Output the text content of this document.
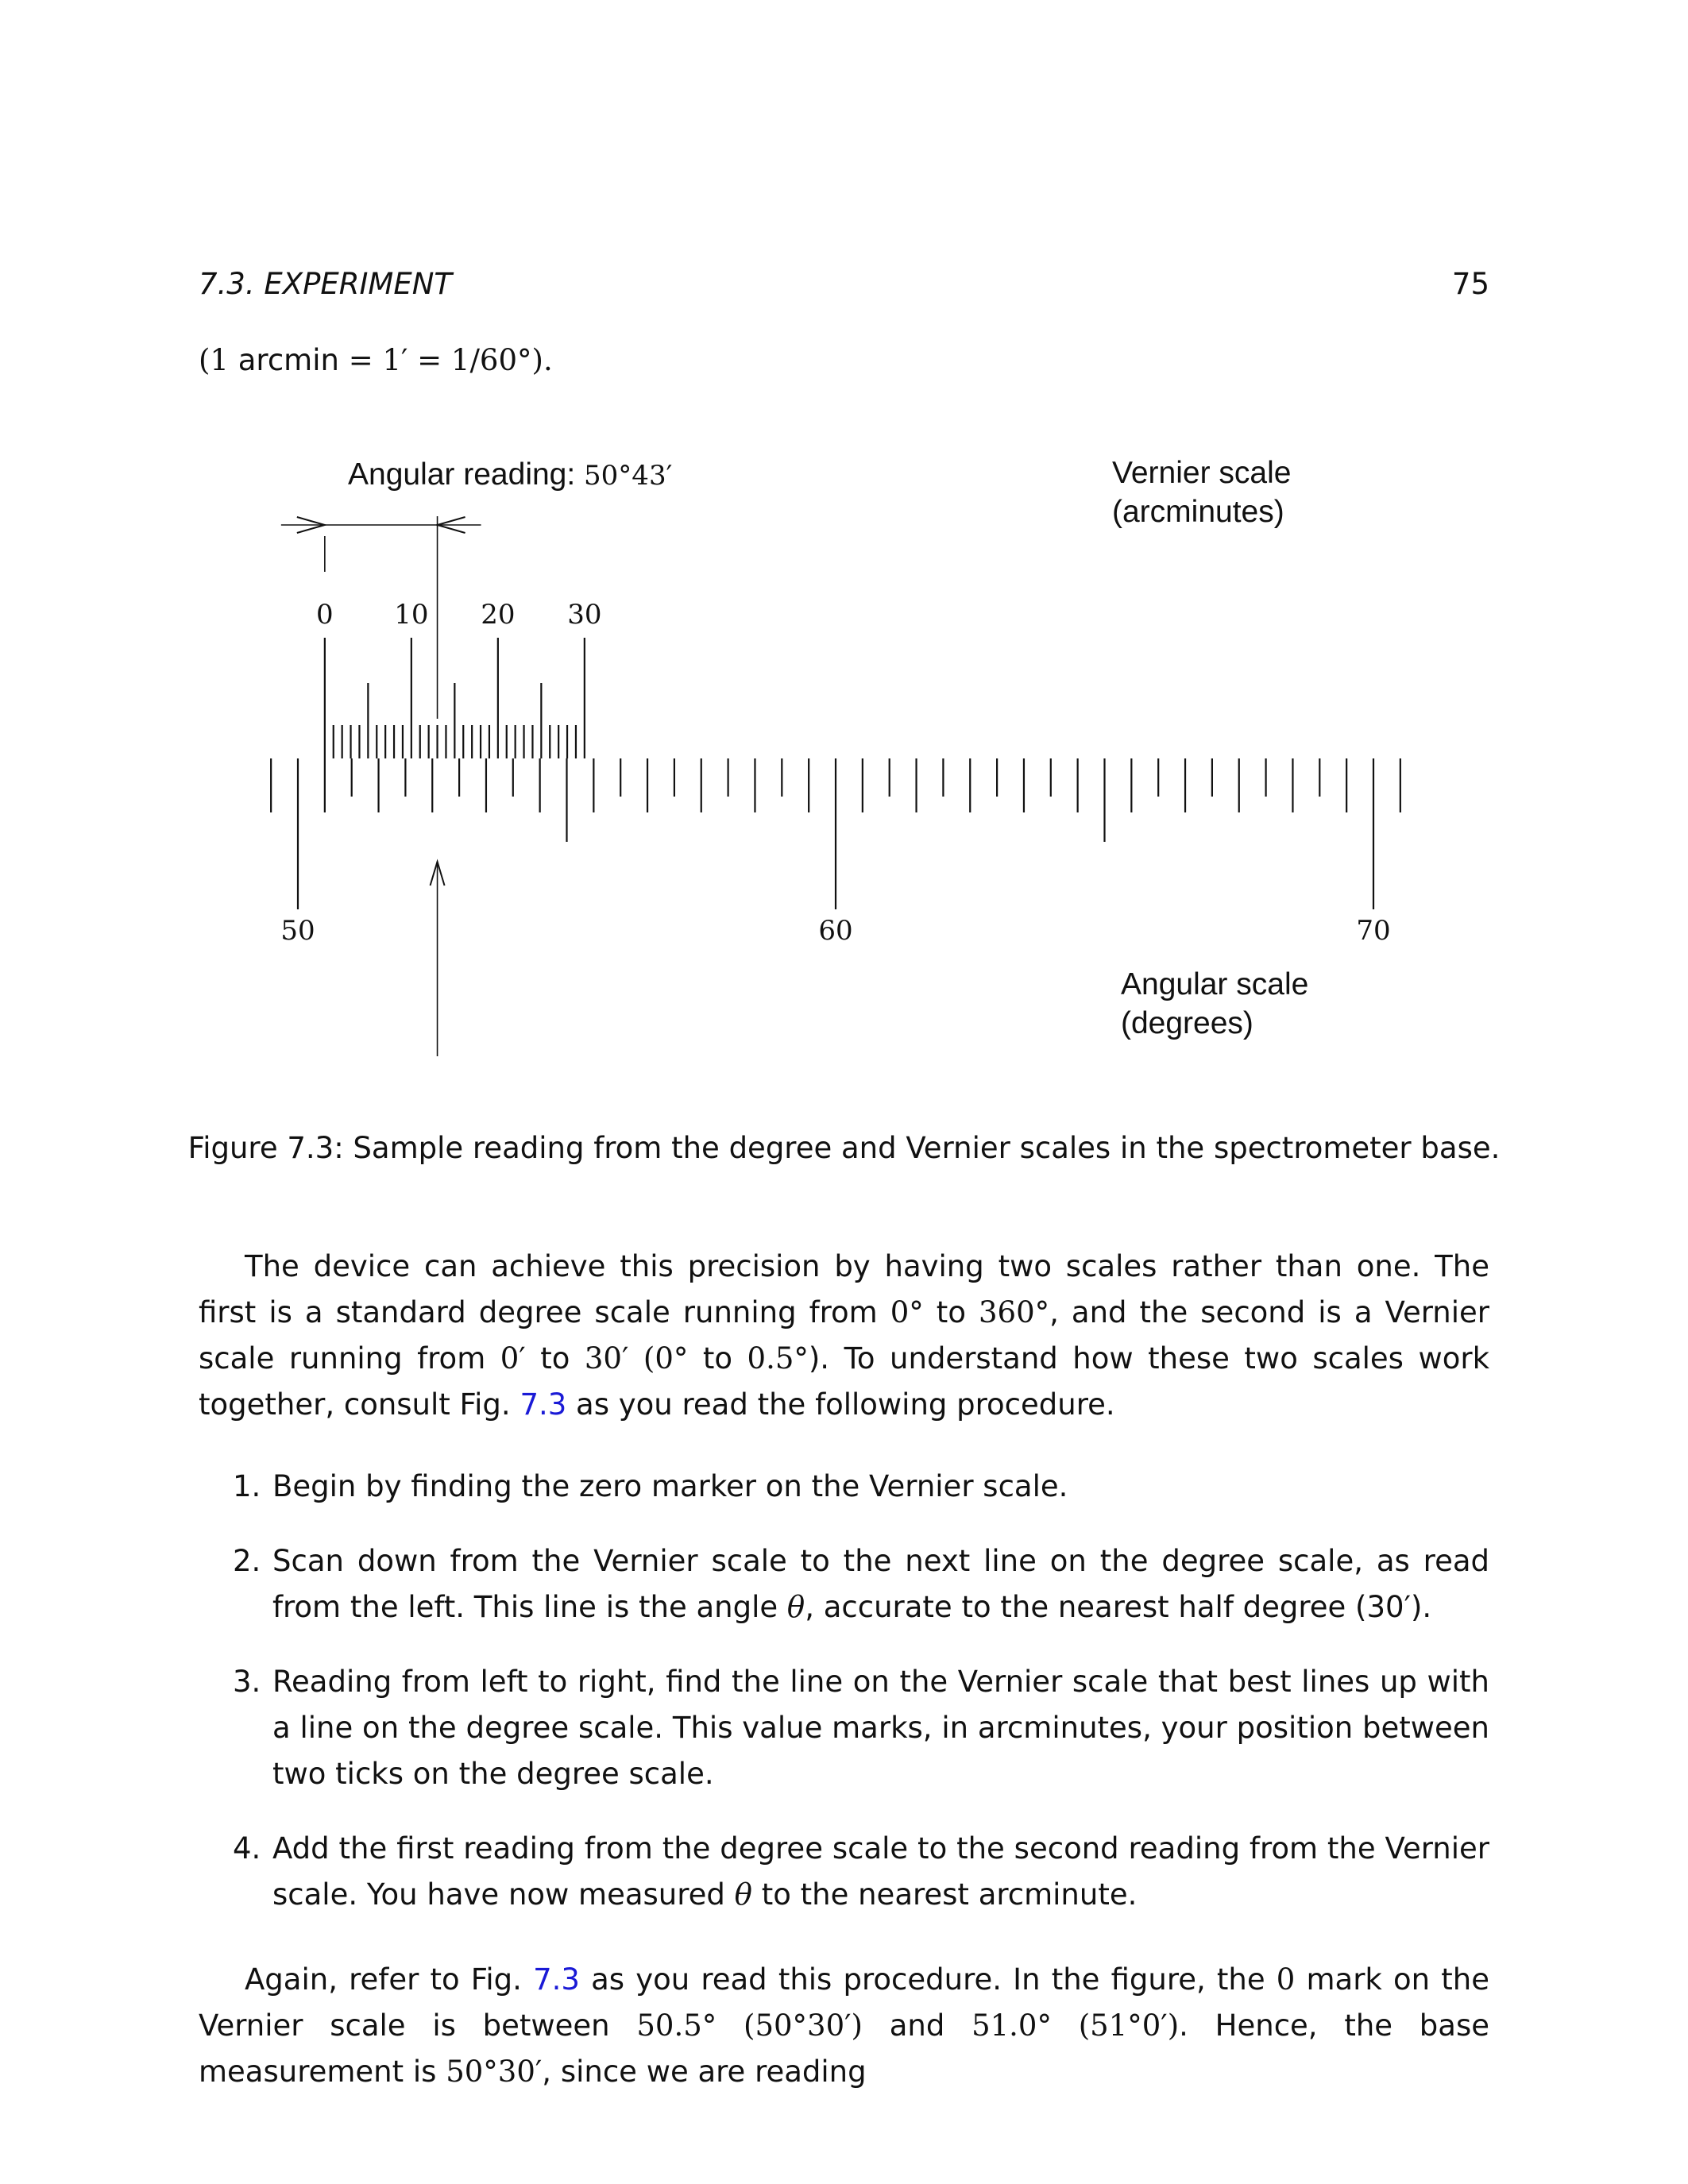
7.3. EXPERIMENT	75
(1 arcmin = 1′ = 1/60°).
50	60	70
0 10 20 30
Angular reading: 50°43′	Vernier scale
(arcminutes)
Angular scale
(degrees)
Figure 7.3: Sample reading from the degree and Vernier scales in the spectrometer base.
The device can achieve this precision by having two scales rather than one. The first is a standard degree scale running from 0° to 360°, and the second is a Vernier scale running from 0′ to 30′ (0° to 0.5°). To understand how these two scales work together, consult Fig. 7.3 as you read the following procedure.
1. Begin by finding the zero marker on the Vernier scale.
2. Scan down from the Vernier scale to the next line on the degree scale, as read from the left. This line is the angle θ, accurate to the nearest half degree (30′).
3. Reading from left to right, find the line on the Vernier scale that best lines up with a line on the degree scale. This value marks, in arcminutes, your position between two ticks on the degree scale.
4. Add the first reading from the degree scale to the second reading from the Vernier scale. You have now measured θ to the nearest arcminute.
Again, refer to Fig. 7.3 as you read this procedure. In the figure, the 0 mark on the Vernier scale is between 50.5° (50°30′) and 51.0° (51°0′). Hence, the base measurement is 50°30′, since we are reading
